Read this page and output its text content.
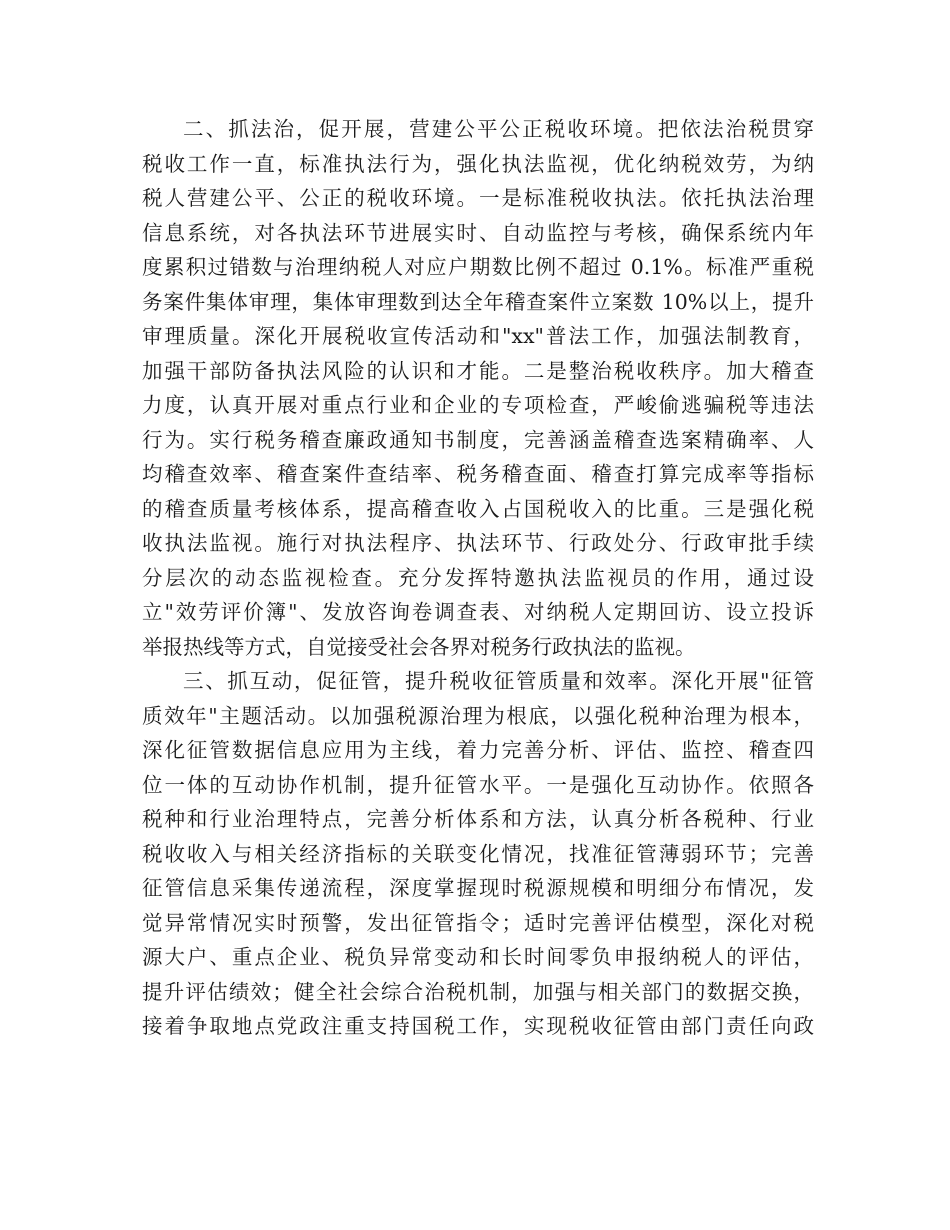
二、抓法治，促开展，营建公平公正税收环境。把依法治税贯穿
税收工作一直，标准执法行为，强化执法监视，优化纳税效劳，为纳
税人营建公平、公正的税收环境。一是标准税收执法。依托执法治理
信息系统，对各执法环节进展实时、自动监控与考核，确保系统内年
度累积过错数与治理纳税人对应户期数比例不超过 0.1%。标准严重税
务案件集体审理，集体审理数到达全年稽查案件立案数 10%以上，提升
审理质量。深化开展税收宣传活动和"xx"普法工作，加强法制教育，
加强干部防备执法风险的认识和才能。二是整治税收秩序。加大稽查
力度，认真开展对重点行业和企业的专项检查，严峻偷逃骗税等违法
行为。实行税务稽查廉政通知书制度，完善涵盖稽查选案精确率、人
均稽查效率、稽查案件查结率、税务稽查面、稽查打算完成率等指标
的稽查质量考核体系，提高稽查收入占国税收入的比重。三是强化税
收执法监视。施行对执法程序、执法环节、行政处分、行政审批手续
分层次的动态监视检查。充分发挥特邀执法监视员的作用，通过设
立"效劳评价簿"、发放咨询卷调查表、对纳税人定期回访、设立投诉
举报热线等方式，自觉接受社会各界对税务行政执法的监视。
三、抓互动，促征管，提升税收征管质量和效率。深化开展"征管
质效年"主题活动。以加强税源治理为根底，以强化税种治理为根本，
深化征管数据信息应用为主线，着力完善分析、评估、监控、稽查四
位一体的互动协作机制，提升征管水平。一是强化互动协作。依照各
税种和行业治理特点，完善分析体系和方法，认真分析各税种、行业
税收收入与相关经济指标的关联变化情况，找准征管薄弱环节；完善
征管信息采集传递流程，深度掌握现时税源规模和明细分布情况，发
觉异常情况实时预警，发出征管指令；适时完善评估模型，深化对税
源大户、重点企业、税负异常变动和长时间零负申报纳税人的评估，
提升评估绩效；健全社会综合治税机制，加强与相关部门的数据交换，
接着争取地点党政注重支持国税工作，实现税收征管由部门责任向政
